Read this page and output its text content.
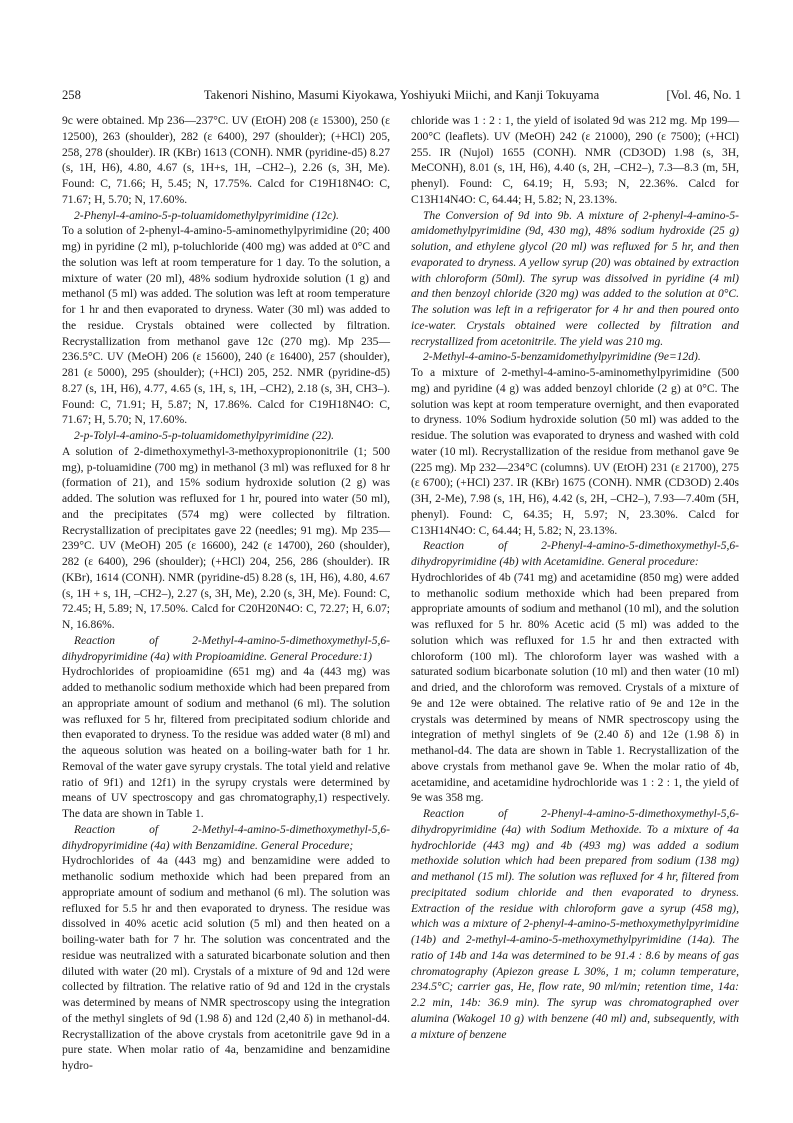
258	Takenori Nishino, Masumi Kiyokawa, Yoshiyuki Miichi, and Kanji Tokuyama	[Vol. 46, No. 1

9c were obtained. Mp 236—237°C. UV (EtOH) 208 (ε 15300), 250 (ε 12500), 263 (shoulder), 282 (ε 6400), 297 (shoulder); (+HCl) 205, 258, 278 (shoulder). IR (KBr) 1613 (CONH). NMR (pyridine-d5) 8.27 (s, 1H, H6), 4.80, 4.67 (s, 1H+s, 1H, –CH2–), 2.26 (s, 3H, Me). Found: C, 71.66; H, 5.45; N, 17.75%. Calcd for C19H18N4O: C, 71.67; H, 5.70; N, 17.60%.

2-Phenyl-4-amino-5-p-toluamidomethylpyrimidine (12c).

To a solution of 2-phenyl-4-amino-5-aminomethylpyrimidine (20; 400 mg) in pyridine (2 ml), p-toluchloride (400 mg) was added at 0°C and the solution was left at room temperature for 1 day. To the solution, a mixture of water (20 ml), 48% sodium hydroxide solution (1 g) and methanol (5 ml) was added. The solution was left at room temperature for 1 hr and then evaporated to dryness. Water (30 ml) was added to the residue. Crystals obtained were collected by filtration. Recrystallization from methanol gave 12c (270 mg). Mp 235—236.5°C. UV (MeOH) 206 (ε 15600), 240 (ε 16400), 257 (shoulder), 281 (ε 5000), 295 (shoulder); (+HCl) 205, 252. NMR (pyridine-d5) 8.27 (s, 1H, H6), 4.77, 4.65 (s, 1H, s, 1H, –CH2), 2.18 (s, 3H, CH3–). Found: C, 71.91; H, 5.87; N, 17.86%. Calcd for C19H18N4O: C, 71.67; H, 5.70; N, 17.60%.

2-p-Tolyl-4-amino-5-p-toluamidomethylpyrimidine (22).

A solution of 2-dimethoxymethyl-3-methoxypropiononitrile (1; 500 mg), p-toluamidine (700 mg) in methanol (3 ml) was refluxed for 8 hr (formation of 21), and 15% sodium hydroxide solution (2 g) was added. The solution was refluxed for 1 hr, poured into water (50 ml), and the precipitates (574 mg) were collected by filtration. Recrystallization of precipitates gave 22 (needles; 91 mg). Mp 235—239°C. UV (MeOH) 205 (ε 16600), 242 (ε 14700), 260 (shoulder), 282 (ε 6400), 296 (shoulder); (+HCl) 204, 256, 286 (shoulder). IR (KBr), 1614 (CONH). NMR (pyridine-d5) 8.28 (s, 1H, H6), 4.80, 4.67 (s, 1H + s, 1H, –CH2–), 2.27 (s, 3H, Me), 2.20 (s, 3H, Me). Found: C, 72.45; H, 5.89; N, 17.50%. Calcd for C20H20N4O: C, 72.27; H, 6.07; N, 16.86%.

Reaction of 2-Methyl-4-amino-5-dimethoxymethyl-5,6-dihydropyrimidine (4a) with Propioamidine. General Procedure:1)

Hydrochlorides of propioamidine (651 mg) and 4a (443 mg) was added to methanolic sodium methoxide which had been prepared from an appropriate amount of sodium and methanol (6 ml). The solution was refluxed for 5 hr, filtered from precipitated sodium chloride and then evaporated to dryness. To the residue was added water (8 ml) and the aqueous solution was heated on a boiling-water bath for 1 hr. Removal of the water gave syrupy crystals. The total yield and relative ratio of 9f1) and 12f1) in the syrupy crystals were determined by means of UV spectroscopy and gas chromatography,1) respectively. The data are shown in Table 1.

Reaction of 2-Methyl-4-amino-5-dimethoxymethyl-5,6-dihydropyrimidine (4a) with Benzamidine. General Procedure;

Hydrochlorides of 4a (443 mg) and benzamidine were added to methanolic sodium methoxide which had been prepared from an appropriate amount of sodium and methanol (6 ml). The solution was refluxed for 5.5 hr and then evaporated to dryness. The residue was dissolved in 40% acetic acid solution (5 ml) and then heated on a boiling-water bath for 7 hr. The solution was concentrated and the residue was neutralized with a saturated bicarbonate solution and then diluted with water (20 ml). Crystals of a mixture of 9d and 12d were collected by filtration. The relative ratio of 9d and 12d in the crystals was determined by means of NMR spectroscopy using the integration of the methyl singlets of 9d (1.98 δ) and 12d (2,40 δ) in methanol-d4. Recrystallization of the above crystals from acetonitrile gave 9d in a pure state. When molar ratio of 4a, benzamidine and benzamidine hydro-

chloride was 1 : 2 : 1, the yield of isolated 9d was 212 mg. Mp 199—200°C (leaflets). UV (MeOH) 242 (ε 21000), 290 (ε 7500); (+HCl) 255. IR (Nujol) 1655 (CONH). NMR (CD3OD) 1.98 (s, 3H, MeCONH), 8.01 (s, 1H, H6), 4.40 (s, 2H, –CH2–), 7.3—8.3 (m, 5H, phenyl). Found: C, 64.19; H, 5.93; N, 22.36%. Calcd for C13H14N4O: C, 64.44; H, 5.82; N, 23.13%.

The Conversion of 9d into 9b. A mixture of 2-phenyl-4-amino-5-amidomethylpyrimidine (9d, 430 mg), 48% sodium hydroxide (25 g) solution, and ethylene glycol (20 ml) was refluxed for 5 hr, and then evaporated to dryness. A yellow syrup (20) was obtained by extraction with chloroform (50ml). The syrup was dissolved in pyridine (4 ml) and then benzoyl chloride (320 mg) was added to the solution at 0°C. The solution was left in a refrigerator for 4 hr and then poured onto ice-water. Crystals obtained were collected by filtration and recrystallized from acetonitrile. The yield was 210 mg.

2-Methyl-4-amino-5-benzamidomethylpyrimidine (9e=12d).

To a mixture of 2-methyl-4-amino-5-aminomethylpyrimidine (500 mg) and pyridine (4 g) was added benzoyl chloride (2 g) at 0°C. The solution was kept at room temperature overnight, and then evaporated to dryness. 10% Sodium hydroxide solution (50 ml) was added to the residue. The solution was evaporated to dryness and washed with cold water (10 ml). Recrystallization of the residue from methanol gave 9e (225 mg). Mp 232—234°C (columns). UV (EtOH) 231 (ε 21700), 275 (ε 6700); (+HCl) 237. IR (KBr) 1675 (CONH). NMR (CD3OD) 2.40s (3H, 2-Me), 7.98 (s, 1H, H6), 4.42 (s, 2H, –CH2–), 7.93—7.40m (5H, phenyl). Found: C, 64.35; H, 5.97; N, 23.30%. Calcd for C13H14N4O: C, 64.44; H, 5.82; N, 23.13%.

Reaction of 2-Phenyl-4-amino-5-dimethoxymethyl-5,6-dihydropyrimidine (4b) with Acetamidine. General procedure:

Hydrochlorides of 4b (741 mg) and acetamidine (850 mg) were added to methanolic sodium methoxide which had been prepared from appropriate amounts of sodium and methanol (10 ml), and the solution was refluxed for 5 hr. 80% Acetic acid (5 ml) was added to the solution which was refluxed for 1.5 hr and then extracted with chloroform (100 ml). The chloroform layer was washed with a saturated sodium bicarbonate solution (10 ml) and then water (10 ml) and dried, and the chloroform was removed. Crystals of a mixture of 9e and 12e were obtained. The relative ratio of 9e and 12e in the crystals was determined by means of NMR spectroscopy using the integration of methyl singlets of 9e (2.40 δ) and 12e (1.98 δ) in methanol-d4. The data are shown in Table 1. Recrystallization of the above crystals from methanol gave 9e. When the molar ratio of 4b, acetamidine, and acetamidine hydrochloride was 1 : 2 : 1, the yield of 9e was 358 mg.

Reaction of 2-Phenyl-4-amino-5-dimethoxymethyl-5,6-dihydropyrimidine (4a) with Sodium Methoxide. To a mixture of 4a hydrochloride (443 mg) and 4b (493 mg) was added a sodium methoxide solution which had been prepared from sodium (138 mg) and methanol (15 ml). The solution was refluxed for 4 hr, filtered from precipitated sodium chloride and then evaporated to dryness. Extraction of the residue with chloroform gave a syrup (458 mg), which was a mixture of 2-phenyl-4-amino-5-methoxymethylpyrimidine (14b) and 2-methyl-4-amino-5-methoxymethylpyrimidine (14a). The ratio of 14b and 14a was determined to be 91.4 : 8.6 by means of gas chromatography (Apiezon grease L 30%, 1 m; column temperature, 234.5°C; carrier gas, He, flow rate, 90 ml/min; retention time, 14a: 2.2 min, 14b: 36.9 min). The syrup was chromatographed over alumina (Wakogel 10 g) with benzene (40 ml) and, subsequently, with a mixture of benzene
